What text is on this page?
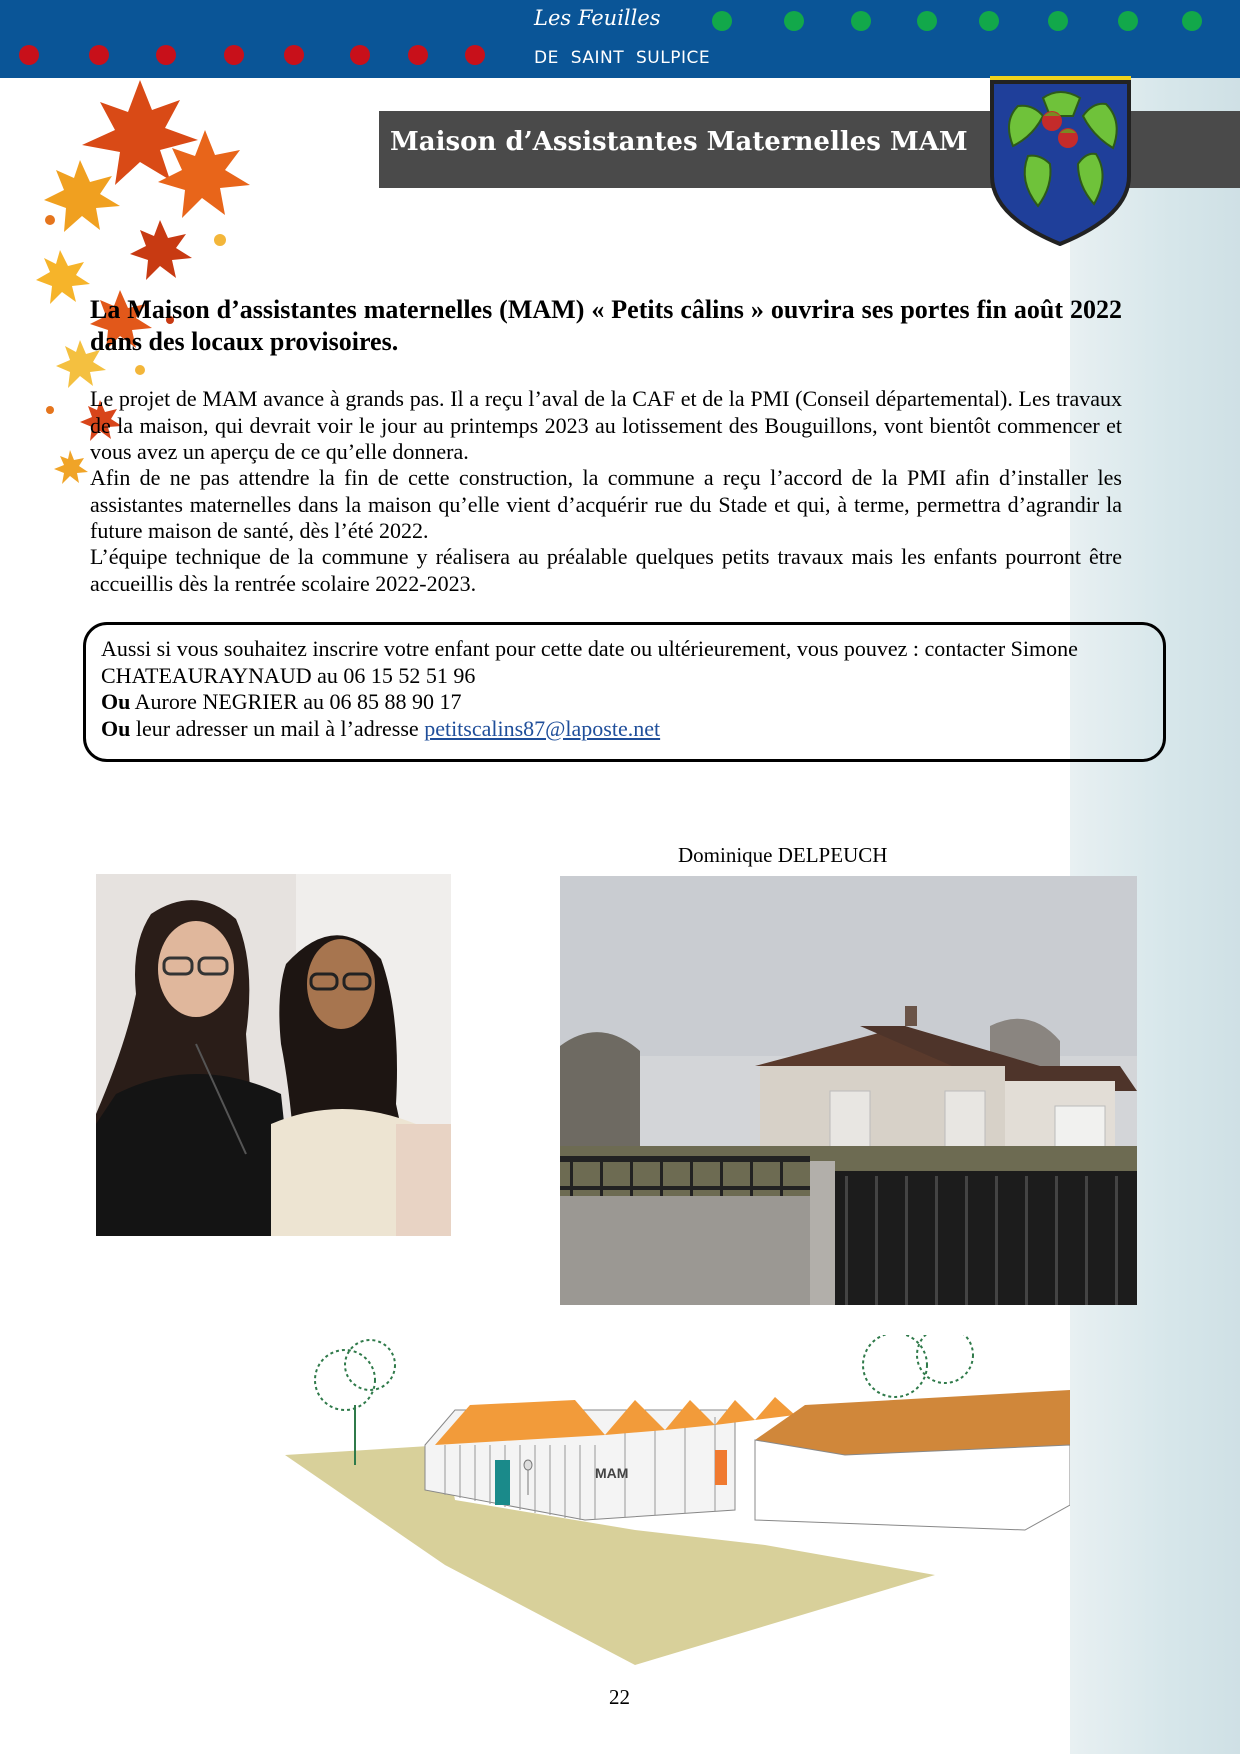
Les Feuilles
DE SAINT SULPICE
Maison d’Assistantes Maternelles MAM
La Maison d’assistantes maternelles (MAM) « Petits câlins » ouvrira ses portes fin août 2022 dans des locaux provisoires.
Le projet de MAM avance à grands pas. Il a reçu l’aval de la CAF et de la PMI (Conseil départemental). Les travaux de la maison, qui devrait voir le jour au printemps 2023 au lotissement des Bouguillons, vont bientôt commencer et vous avez un aperçu de ce qu’elle donnera.
Afin de ne pas attendre la fin de cette construction, la commune a reçu l’accord de la PMI afin d’installer les assistantes maternelles dans la maison qu’elle vient d’acquérir rue du Stade et qui, à terme, permettra d’agrandir la future maison de santé, dès l’été 2022.
L’équipe technique de la commune y réalisera au préalable quelques petits travaux mais les enfants pourront être accueillis dès la rentrée scolaire 2022-2023.
Aussi si vous souhaitez inscrire votre enfant pour cette date ou ultérieurement, vous pouvez : contacter Simone CHATEAURAYNAUD au 06 15 52 51 96
Ou Aurore NEGRIER au 06 85 88 90 17
Ou leur adresser un mail à l’adresse petitscalins87@laposte.net
Dominique DELPEUCH
MAM
22
